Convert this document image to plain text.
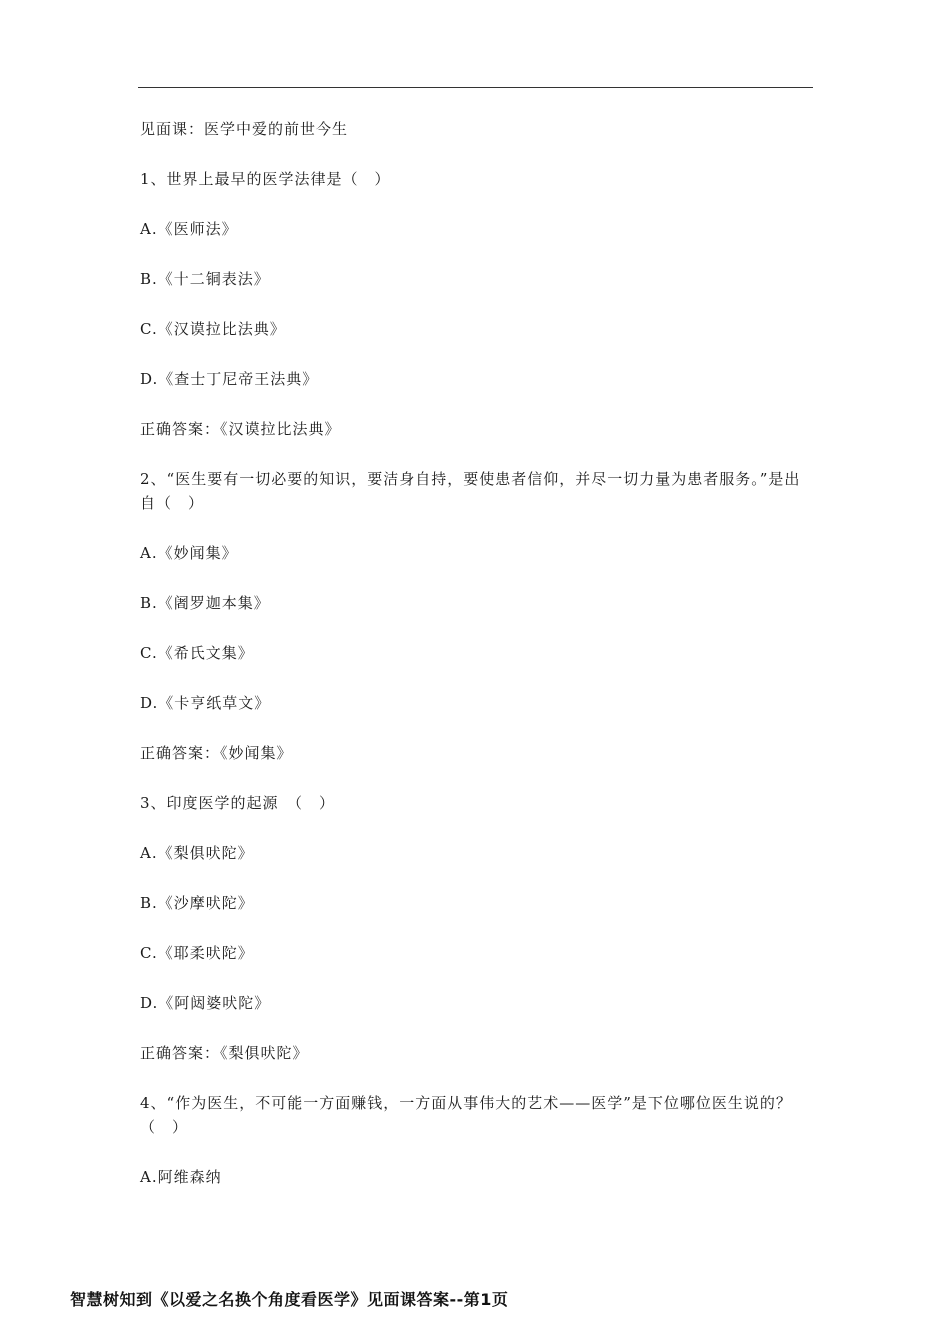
见面课：医学中爱的前世今生

1、世界上最早的医学法律是（　）

A.《医师法》

B.《十二铜表法》

C.《汉谟拉比法典》

D.《查士丁尼帝王法典》

正确答案：《汉谟拉比法典》

2、“医生要有一切必要的知识，要洁身自持，要使患者信仰，并尽一切力量为患者服务。”是出自（　）

A.《妙闻集》

B.《阇罗迦本集》

C.《希氏文集》

D.《卡亨纸草文》

正确答案：《妙闻集》

3、印度医学的起源　（　）

A.《梨俱吠陀》

B.《沙摩吠陀》

C.《耶柔吠陀》

D.《阿闼婆吠陀》

正确答案：《梨俱吠陀》

4、“作为医生，不可能一方面赚钱，一方面从事伟大的艺术——医学”是下位哪位医生说的？（　）

A.阿维森纳

智慧树知到《以爱之名换个角度看医学》见面课答案--第1页
